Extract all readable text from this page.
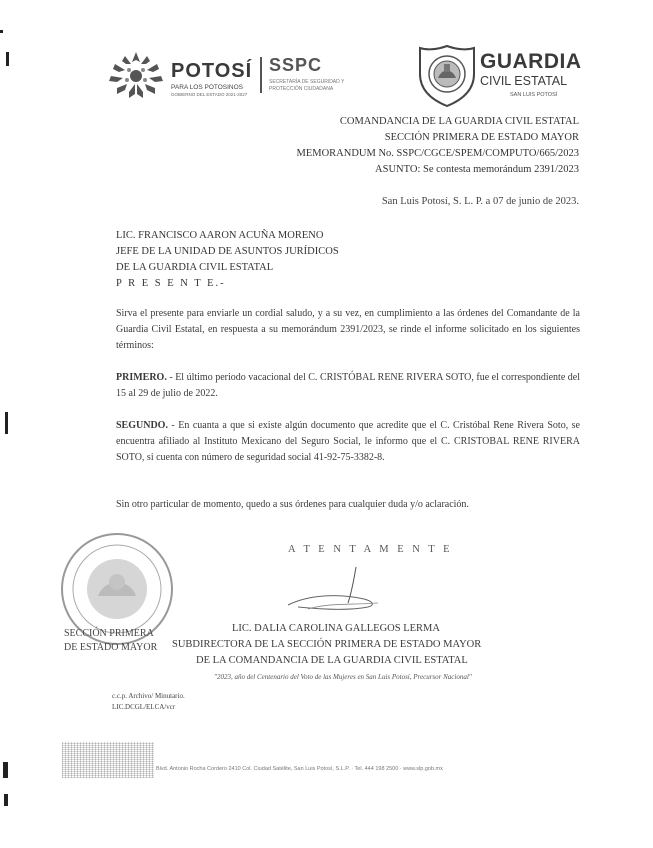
POTOSÍ
PARA LOS POTOSINOS
GOBIERNO DEL ESTADO 2021-2027
SSPC
SECRETARÍA DE SEGURIDAD Y PROTECCIÓN CIUDADANA
GUARDIA
CIVIL ESTATAL
SAN LUIS POTOSÍ
COMANDANCIA DE LA GUARDIA CIVIL ESTATAL
SECCIÓN PRIMERA DE ESTADO MAYOR
MEMORANDUM No. SSPC/CGCE/SPEM/COMPUTO/665/2023
ASUNTO: Se contesta memorándum 2391/2023
San Luis Potosí, S. L. P. a 07 de junio de 2023.
LIC. FRANCISCO AARON ACUÑA MORENO
JEFE DE LA UNIDAD DE ASUNTOS JURÍDICOS
DE LA GUARDIA CIVIL ESTATAL
P R E S E N T E.-
Sirva el presente para enviarle un cordial saludo, y a su vez, en cumplimiento a las órdenes del Comandante de la Guardia Civil Estatal, en respuesta a su memorándum 2391/2023, se rinde el informe solicitado en los siguientes términos:
PRIMERO. - El último periodo vacacional del C. CRISTÓBAL RENE RIVERA SOTO, fue el correspondiente del 15 al 29 de julio de 2022.
SEGUNDO. - En cuanta a que si existe algún documento que acredite que el C. Cristóbal Rene Rivera Soto, se encuentra afiliado al Instituto Mexicano del Seguro Social, le informo que el C. CRISTOBAL RENE RIVERA SOTO, si cuenta con número de seguridad social 41-92-75-3382-8.
Sin otro particular de momento, quedo a sus órdenes para cualquier duda y/o aclaración.
A T E N T A M E N T E
SECCIÓN PRIMERA
DE ESTADO MAYOR
LIC. DALIA CAROLINA GALLEGOS LERMA
SUBDIRECTORA DE LA SECCIÓN PRIMERA DE ESTADO MAYOR
DE LA COMANDANCIA DE LA GUARDIA CIVIL ESTATAL
"2023, año del Centenario del Voto de las Mujeres en San Luis Potosí, Precursor Nacional"
c.c.p. Archivo/ Minutario.
LIC.DCGL/ELCA/vcr
Blvd. Antonio Rocha Cordero 2410 Col. Ciudad Satélite, San Luis Potosí, S.L.P. · Tel. 444 198 2500 · www.slp.gob.mx
